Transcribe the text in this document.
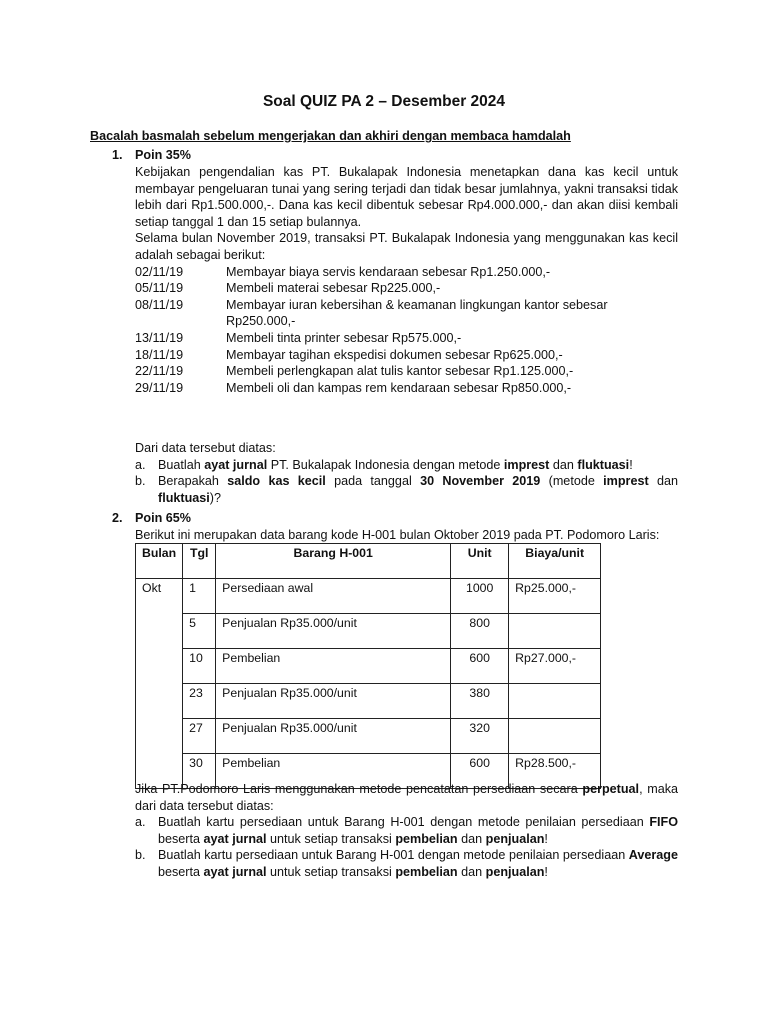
Soal QUIZ PA 2 – Desember 2024
Bacalah basmalah sebelum mengerjakan dan akhiri dengan membaca hamdalah
1. Poin 35%

Kebijakan pengendalian kas PT. Bukalapak Indonesia menetapkan dana kas kecil untuk membayar pengeluaran tunai yang sering terjadi dan tidak besar jumlahnya, yakni transaksi tidak lebih dari Rp1.500.000,-. Dana kas kecil dibentuk sebesar Rp4.000.000,- dan akan diisi kembali setiap tanggal 1 dan 15 setiap bulannya.

Selama bulan November 2019, transaksi PT. Bukalapak Indonesia yang menggunakan kas kecil adalah sebagai berikut:

02/11/19	Membayar biaya servis kendaraan sebesar Rp1.250.000,-
05/11/19	Membeli materai sebesar Rp225.000,-
08/11/19	Membayar iuran kebersihan & keamanan lingkungan kantor sebesar Rp250.000,-
13/11/19	Membeli tinta printer sebesar Rp575.000,-
18/11/19	Membayar tagihan ekspedisi dokumen sebesar Rp625.000,-
22/11/19	Membeli perlengkapan alat tulis kantor sebesar Rp1.125.000,-
29/11/19	Membeli oli dan kampas rem kendaraan sebesar Rp850.000,-

Dari data tersebut diatas:

a. Buatlah ayat jurnal PT. Bukalapak Indonesia dengan metode imprest dan fluktuasi!
b. Berapakah saldo kas kecil pada tanggal 30 November 2019 (metode imprest dan fluktuasi)?
2. Poin 65%

Berikut ini merupakan data barang kode H-001 bulan Oktober 2019 pada PT. Podomoro Laris:

Bulan	Tgl	Barang H-001	Unit	Biaya/unit
Okt	1	Persediaan awal	1000	Rp25.000,-
	5	Penjualan Rp35.000/unit	800	
	10	Pembelian	600	Rp27.000,-
	23	Penjualan Rp35.000/unit	380	
	27	Penjualan Rp35.000/unit	320	
	30	Pembelian	600	Rp28.500,-

Jika PT.Podomoro Laris menggunakan metode pencatatan persediaan secara perpetual, maka dari data tersebut diatas:

a. Buatlah kartu persediaan untuk Barang H-001 dengan metode penilaian persediaan FIFO beserta ayat jurnal untuk setiap transaksi pembelian dan penjualan!
b. Buatlah kartu persediaan untuk Barang H-001 dengan metode penilaian persediaan Average beserta ayat jurnal untuk setiap transaksi pembelian dan penjualan!
